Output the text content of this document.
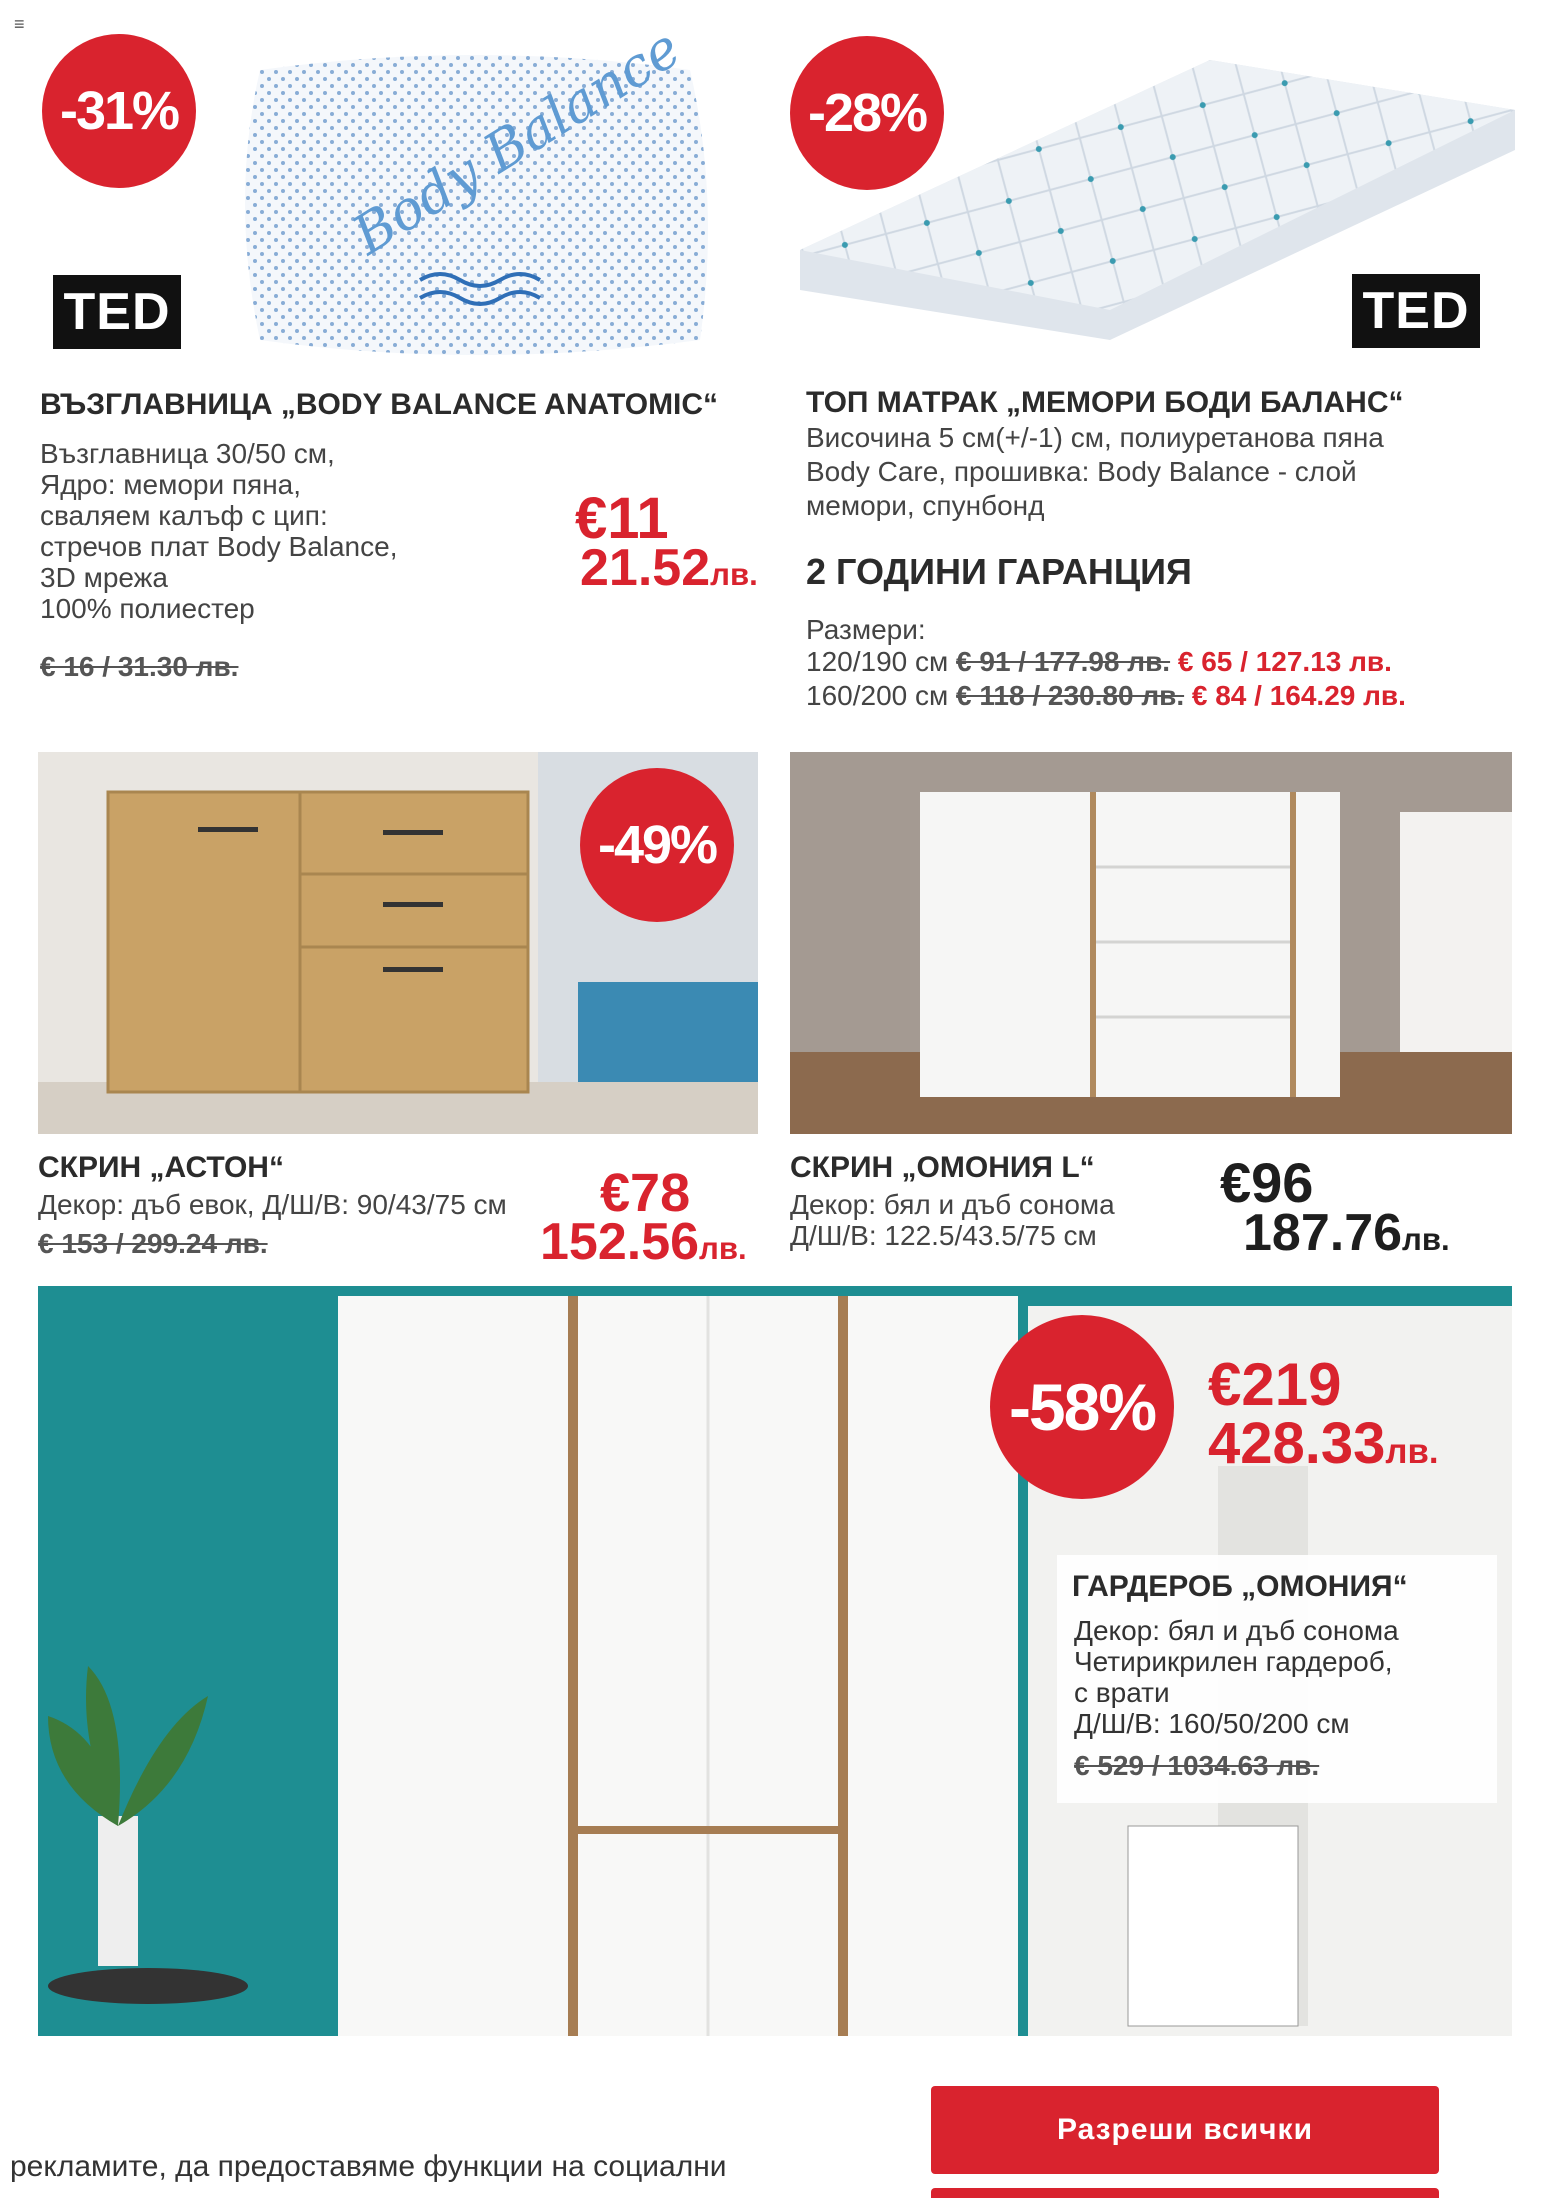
≡	Body Balance
-31%
TED
ВЪЗГЛАВНИЦА „BODY BALANCE ANATOMIC“
Възглавница 30/50 см,
Ядро: мемори пяна,
сваляем калъф с цип:
стречов плат Body Balance,
3D мрежа
100% полиестер
€11
21.52лв.
€ 16 / 31.30 лв.
-28%
TED
ТОП МАТРАК „МЕМОРИ БОДИ БАЛАНС“
Височина 5 см(+/-1) см, полиуретанова пяна
Body Care, прошивка: Body Balance - слой
мемори, спунбонд
2 ГОДИНИ ГАРАНЦИЯ
Размери:
120/190 см € 91 / 177.98 лв. € 65 / 127.13 лв.
160/200 см € 118 / 230.80 лв. € 84 / 164.29 лв.
-49%
СКРИН „АСТОН“
Декор: дъб евок, Д/Ш/В: 90/43/75 см
€ 153 / 299.24 лв.
€78
152.56лв.
СКРИН „ОМОНИЯ L“
Декор: бял и дъб сонома
Д/Ш/В: 122.5/43.5/75 см
€96
187.76лв.
-58% €219
428.33лв.
ГАРДЕРОБ „ОМОНИЯ“
Декор: бял и дъб сонома
Четирикрилен гардероб,
с врати
Д/Ш/В: 160/50/200 см
€ 529 / 1034.63 лв.
рекламите, да предоставяме функции на социални
Разреши всички
